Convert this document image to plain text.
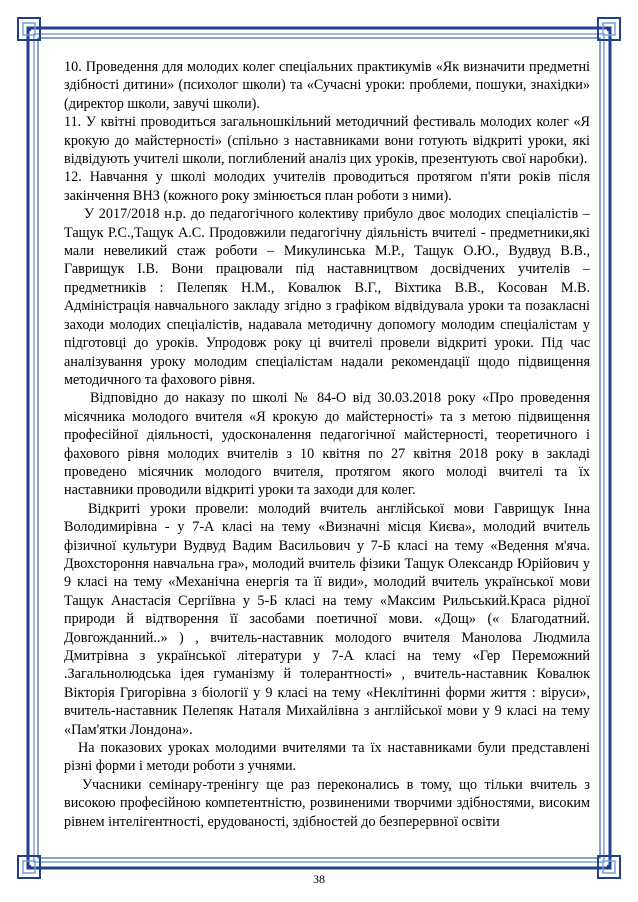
10. Проведення для молодих колег спеціальних практикумів «Як визначити предметні здібності дитини» (психолог школи) та «Сучасні уроки: проблеми, пошуки, знахідки» (директор школи, завучі школи).

11. У квітні проводиться загальношкільний методичний фестиваль молодих колег «Я крокую до майстерності» (спільно з наставниками вони готують відкриті уроки, які відвідують учителі школи, поглиблений аналіз цих уроків, презентують свої наробки).

12. Навчання у школі молодих учителів проводиться протягом п'яти років після закінчення ВНЗ (кожного року змінюється план роботи з ними).

У 2017/2018 н.р. до педагогічного колективу прибуло двоє молодих спеціалістів – Тащук Р.С.,Тащук А.С. Продовжили педагогічну діяльність вчителі - предметники,які мали невеликий стаж роботи – Микулинська М.Р., Тащук О.Ю., Вудвуд В.В., Гаврищук І.В. Вони працювали під наставництвом досвідчених учителів – предметників : Пелепяк Н.М., Ковалюк В.Г., Віхтика В.В., Косован М.В. Адміністрація навчального закладу згідно з графіком відвідувала уроки та позакласні заходи молодих спеціалістів, надавала методичну допомогу молодим спеціалістам у підготовці до уроків. Упродовж року ці вчителі провели відкриті уроки. Під час аналізування уроку молодим спеціалістам надали рекомендації щодо підвищення методичного та фахового рівня.

Відповідно до наказу по школі № 84-О від 30.03.2018 року «Про проведення місячника молодого вчителя «Я крокую до майстерності» та з метою підвищення професійної діяльності, удосконалення педагогічної майстерності, теоретичного і фахового рівня молодих вчителів з 10 квітня по 27 квітня 2018 року в закладі проведено місячник молодого вчителя, протягом якого молоді вчителі та їх наставники проводили відкриті уроки та заходи для колег.

Відкриті уроки провели: молодий вчитель англійської мови Гаврищук Інна Володимирівна - у 7-А класі на тему «Визначні місця Києва», молодий вчитель фізичної культури Вудвуд Вадим Васильович у 7-Б класі на тему «Ведення м'яча. Двохстороння навчальна гра», молодий вчитель фізики Тащук Олександр Юрійович у 9 класі на тему «Механічна енергія та її види», молодий вчитель української мови Тащук Анастасія Сергіївна у 5-Б класі на тему «Максим Рильський.Краса рідної природи й відтворення її засобами поетичної мови. «Дощ» (« Благодатний. Довгожданний..» ) , вчитель-наставник молодого вчителя Манолова Людмила Дмитрівна з української літератури у 7-А класі на тему «Гер Переможний .Загальнолюдська ідея гуманізму й толерантності» , вчитель-наставник Ковалюк Вікторія Григорівна з біології у 9 класі на тему «Неклітинні форми життя : віруси», вчитель-наставник Пелепяк Наталя Михайлівна з англійської мови у 9 класі на тему «Пам'ятки Лондона».

На показових уроках молодими вчителями та їх наставниками були представлені різні форми і методи роботи з учнями.

Учасники семінару-тренінгу ще раз переконались в тому, що тільки вчитель з високою професійною компетентністю, розвиненими творчими здібностями, високим рівнем інтелігентності, ерудованості, здібностей до безперервної освіти

38
